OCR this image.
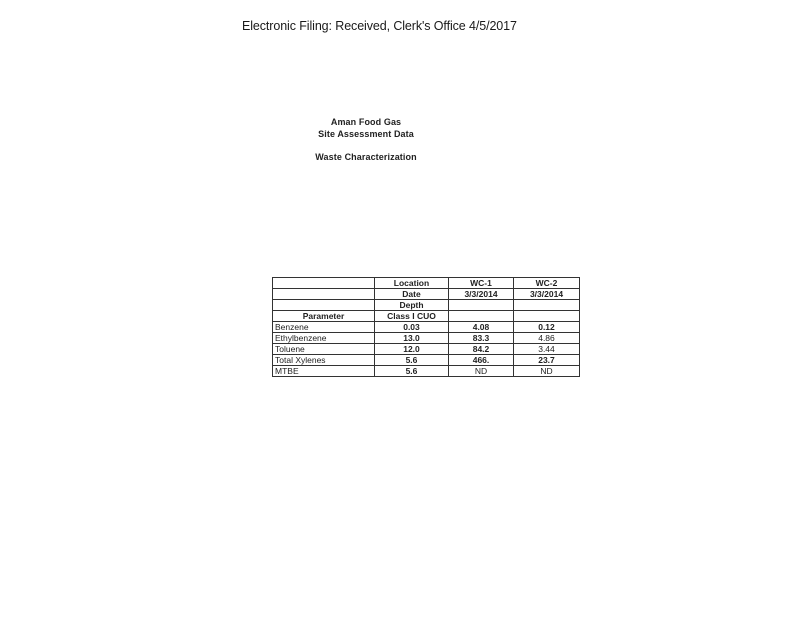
Electronic Filing: Received, Clerk's Office 4/5/2017
Aman Food Gas
Site Assessment Data
Waste Characterization
	Location	WC-1	WC-2
	Date	3/3/2014	3/3/2014
	Depth		
Parameter	Class I CUO		
Benzene	0.03	4.08	0.12
Ethylbenzene	13.0	83.3	4.86
Toluene	12.0	84.2	3.44
Total Xylenes	5.6	466.	23.7
MTBE	5.6	ND	ND
